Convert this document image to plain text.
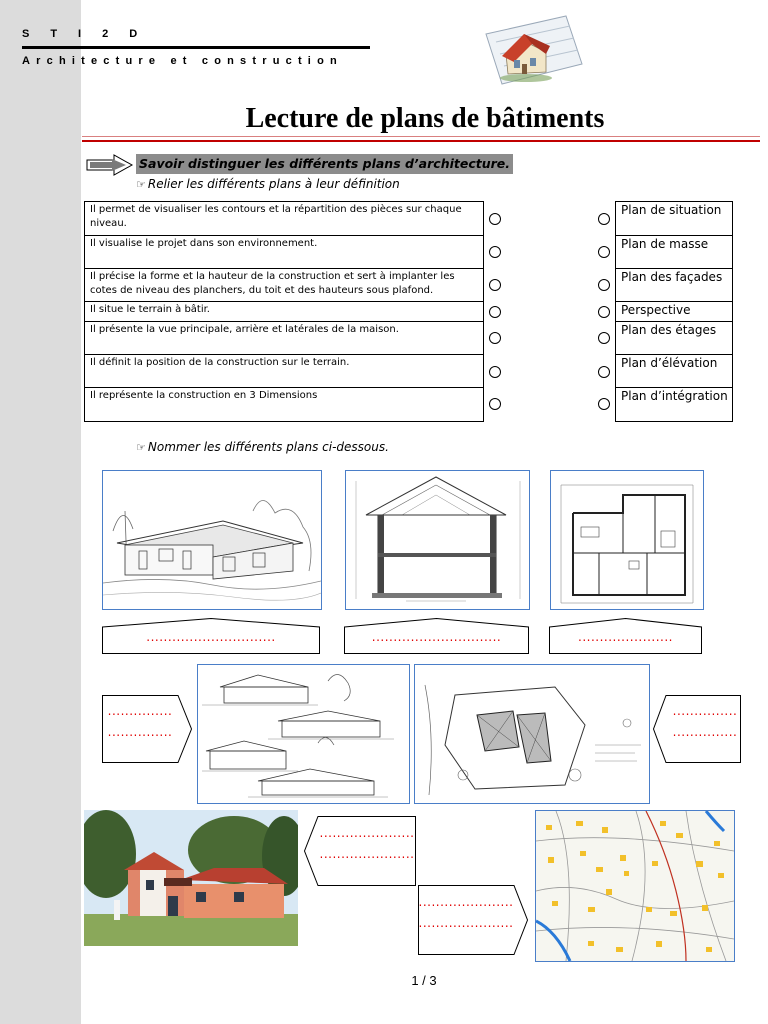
STI2D
Architecture et construction
Lecture de plans de bâtiments
Savoir distinguer les différents plans d’architecture.
☞ Relier les différents plans à leur définition
Il permet de visualiser les contours et la répartition des pièces sur chaque niveau.		Plan de situation
Il visualise le projet dans son environnement.		Plan de masse
Il précise la forme et la hauteur de la construction et sert à implanter les cotes de niveau des planchers, du toit et des hauteurs sous plafond.		Plan des façades
Il situe le terrain à bâtir.		Perspective
Il présente la vue principale, arrière et latérales de la maison.		Plan des étages
Il définit la position de la construction sur le terrain.		Plan d’élévation
Il représente la construction en 3 Dimensions		Plan d’intégration
☞ Nommer les différents plans ci-dessous.
..............................	..............................	......................
...............
...............
...............
...............
......................
......................
......................
......................
1 / 3
